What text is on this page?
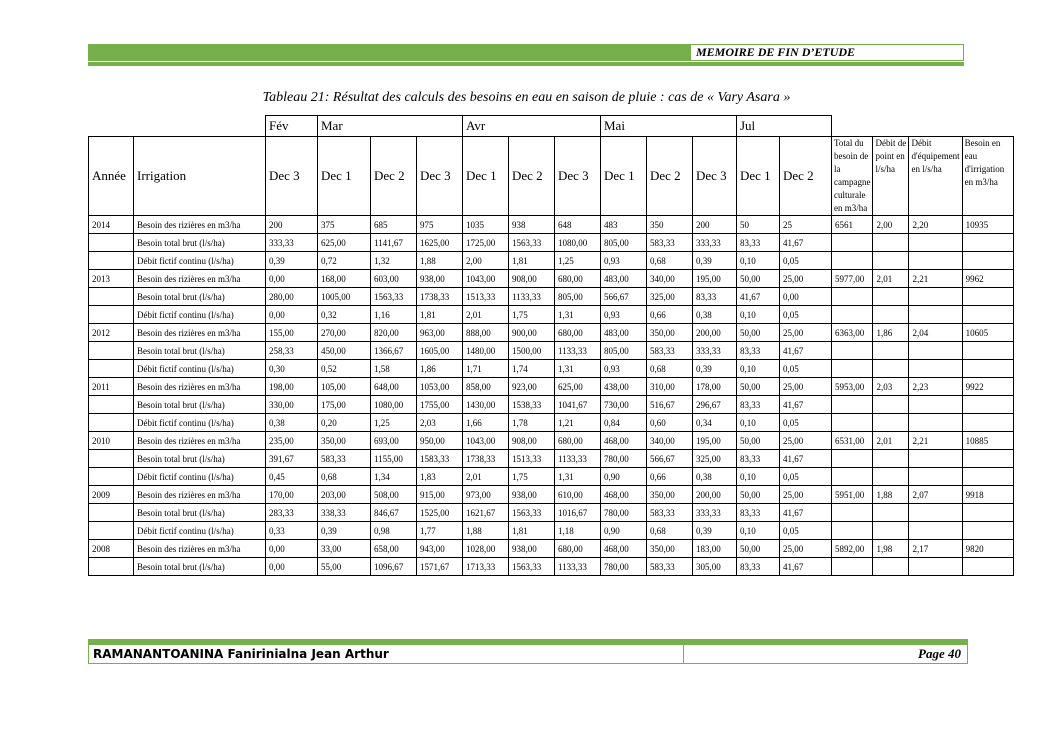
MEMOIRE DE FIN D’ETUDE
Tableau 21: Résultat des calculs des besoins en eau en saison de pluie : cas de « Vary Asara »
		Fév	Mar			Avr			Mai			Jul					
Année	Irrigation	Dec 3	Dec 1	Dec 2	Dec 3	Dec 1	Dec 2	Dec 3	Dec 1	Dec 2	Dec 3	Dec 1	Dec 2	Total du besoin de la campagne culturale en m3/ha	Débit de point en l/s/ha	Débit d'équipement en l/s/ha	Besoin en eau d'irrigation en m3/ha
2014	Besoin des rizières en m3/ha	200	375	685	975	1035	938	648	483	350	200	50	25	6561	2,00	2,20	10935
	Besoin total brut (l/s/ha)	333,33	625,00	1141,67	1625,00	1725,00	1563,33	1080,00	805,00	583,33	333,33	83,33	41,67				
	Débit fictif continu (l/s/ha)	0,39	0,72	1,32	1,88	2,00	1,81	1,25	0,93	0,68	0,39	0,10	0,05				
2013	Besoin des rizières en m3/ha	0,00	168,00	603,00	938,00	1043,00	908,00	680,00	483,00	340,00	195,00	50,00	25,00	5977,00	2,01	2,21	9962
	Besoin total brut (l/s/ha)	280,00	1005,00	1563,33	1738,33	1513,33	1133,33	805,00	566,67	325,00	83,33	41,67	0,00				
	Débit fictif continu (l/s/ha)	0,00	0,32	1,16	1,81	2,01	1,75	1,31	0,93	0,66	0,38	0,10	0,05				
2012	Besoin des rizières en m3/ha	155,00	270,00	820,00	963,00	888,00	900,00	680,00	483,00	350,00	200,00	50,00	25,00	6363,00	1,86	2,04	10605
	Besoin total brut (l/s/ha)	258,33	450,00	1366,67	1605,00	1480,00	1500,00	1133,33	805,00	583,33	333,33	83,33	41,67				
	Débit fictif continu (l/s/ha)	0,30	0,52	1,58	1,86	1,71	1,74	1,31	0,93	0,68	0,39	0,10	0,05				
2011	Besoin des rizières en m3/ha	198,00	105,00	648,00	1053,00	858,00	923,00	625,00	438,00	310,00	178,00	50,00	25,00	5953,00	2,03	2,23	9922
	Besoin total brut (l/s/ha)	330,00	175,00	1080,00	1755,00	1430,00	1538,33	1041,67	730,00	516,67	296,67	83,33	41,67				
	Débit fictif continu (l/s/ha)	0,38	0,20	1,25	2,03	1,66	1,78	1,21	0,84	0,60	0,34	0,10	0,05				
2010	Besoin des rizières en m3/ha	235,00	350,00	693,00	950,00	1043,00	908,00	680,00	468,00	340,00	195,00	50,00	25,00	6531,00	2,01	2,21	10885
	Besoin total brut (l/s/ha)	391,67	583,33	1155,00	1583,33	1738,33	1513,33	1133,33	780,00	566,67	325,00	83,33	41,67				
	Débit fictif continu (l/s/ha)	0,45	0,68	1,34	1,83	2,01	1,75	1,31	0,90	0,66	0,38	0,10	0,05				
2009	Besoin des rizières en m3/ha	170,00	203,00	508,00	915,00	973,00	938,00	610,00	468,00	350,00	200,00	50,00	25,00	5951,00	1,88	2,07	9918
	Besoin total brut (l/s/ha)	283,33	338,33	846,67	1525,00	1621,67	1563,33	1016,67	780,00	583,33	333,33	83,33	41,67				
	Débit fictif continu (l/s/ha)	0,33	0,39	0,98	1,77	1,88	1,81	1,18	0,90	0,68	0,39	0,10	0,05				
2008	Besoin des rizières en m3/ha	0,00	33,00	658,00	943,00	1028,00	938,00	680,00	468,00	350,00	183,00	50,00	25,00	5892,00	1,98	2,17	9820
	Besoin total brut (l/s/ha)	0,00	55,00	1096,67	1571,67	1713,33	1563,33	1133,33	780,00	583,33	305,00	83,33	41,67				
RAMANANTOANINA Fanirinialna Jean Arthur	Page 40
